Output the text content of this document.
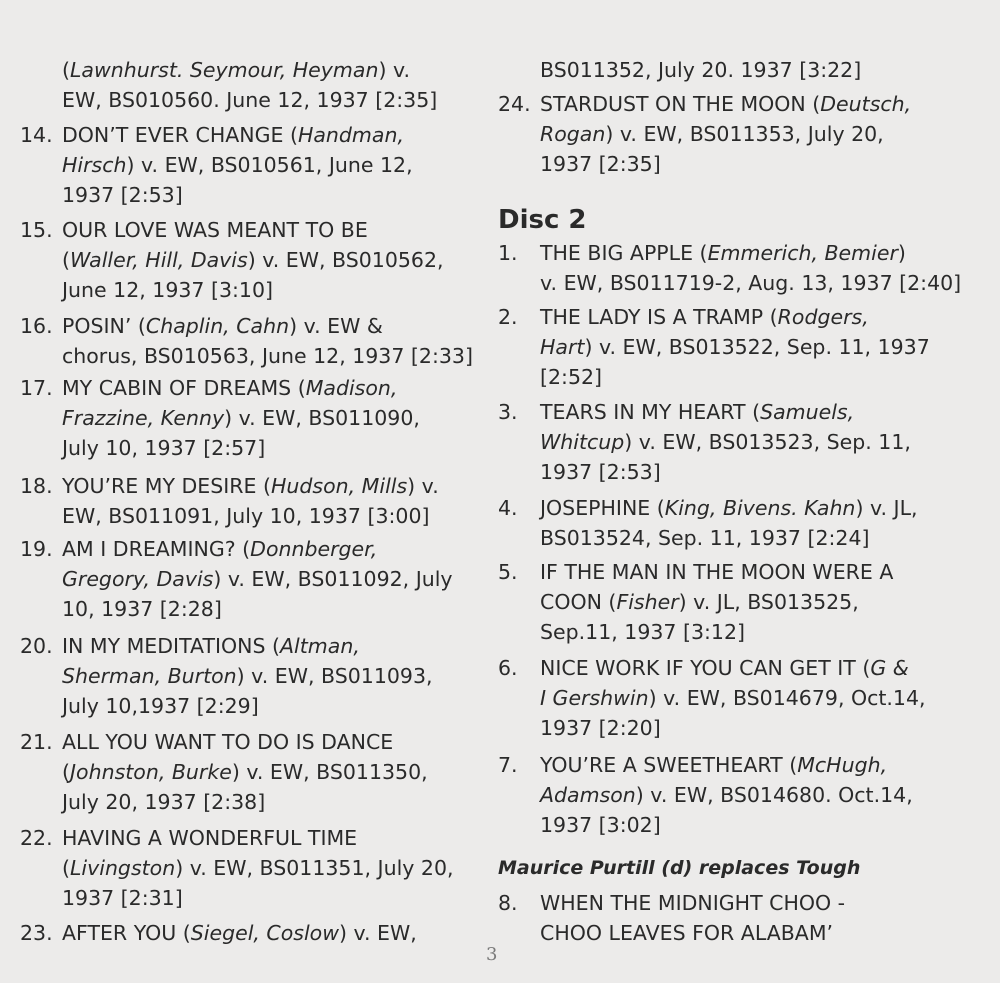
(Lawnhurst. Seymour, Heyman) v.
EW, BS010560. June 12, 1937 [2:35]
14. DON’T EVER CHANGE (Handman,
Hirsch) v. EW, BS010561, June 12,
1937 [2:53]
15. OUR LOVE WAS MEANT TO BE
(Waller, Hill, Davis) v. EW, BS010562,
June 12, 1937 [3:10]
16. POSIN’ (Chaplin, Cahn) v. EW &
chorus, BS010563, June 12, 1937 [2:33]
17. MY CABIN OF DREAMS (Madison,
Frazzine, Kenny) v. EW, BS011090,
July 10, 1937 [2:57]
18. YOU’RE MY DESIRE (Hudson, Mills) v.
EW, BS011091, July 10, 1937 [3:00]
19. AM I DREAMING? (Donnberger,
Gregory, Davis) v. EW, BS011092, July
10, 1937 [2:28]
20. IN MY MEDITATIONS (Altman,
Sherman, Burton) v. EW, BS011093,
July 10,1937 [2:29]
21. ALL YOU WANT TO DO IS DANCE
(Johnston, Burke) v. EW, BS011350,
July 20, 1937 [2:38]
22. HAVING A WONDERFUL TIME
(Livingston) v. EW, BS011351, July 20,
1937 [2:31]
23. AFTER YOU (Siegel, Coslow) v. EW,
BS011352, July 20. 1937 [3:22]
24. STARDUST ON THE MOON (Deutsch,
Rogan) v. EW, BS011353, July 20,
1937 [2:35]
Disc 2
1. THE BIG APPLE (Emmerich, Bemier)
v. EW, BS011719-2, Aug. 13, 1937 [2:40]
2. THE LADY IS A TRAMP (Rodgers,
Hart) v. EW, BS013522, Sep. 11, 1937
[2:52]
3. TEARS IN MY HEART (Samuels,
Whitcup) v. EW, BS013523, Sep. 11,
1937 [2:53]
4. JOSEPHINE (King, Bivens. Kahn) v. JL,
BS013524, Sep. 11, 1937 [2:24]
5. IF THE MAN IN THE MOON WERE A
COON (Fisher) v. JL, BS013525,
Sep.11, 1937 [3:12]
6. NICE WORK IF YOU CAN GET IT (G &
I Gershwin) v. EW, BS014679, Oct.14,
1937 [2:20]
7. YOU’RE A SWEETHEART (McHugh,
Adamson) v. EW, BS014680. Oct.14,
1937 [3:02]
Maurice Purtill (d) replaces Tough
8. WHEN THE MIDNIGHT CHOO -
CHOO LEAVES FOR ALABAM’
3
